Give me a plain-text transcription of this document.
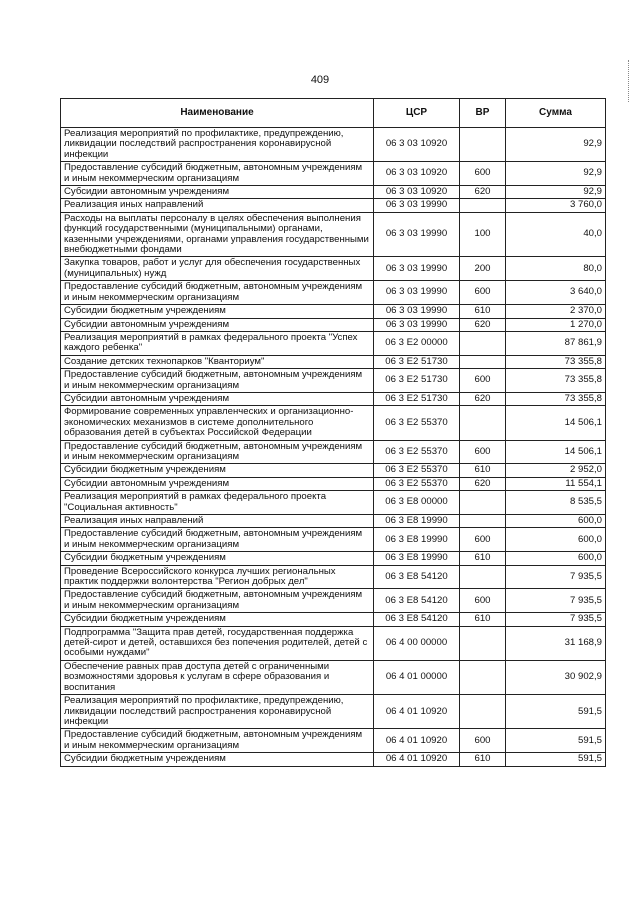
409
Наименование	ЦСР	ВР	Сумма
Реализация мероприятий по профилактике, предупреждению, ликвидации последствий распространения коронавирусной инфекции	06 3 03 10920		92,9
Предоставление субсидий бюджетным, автономным учреждениям и иным некоммерческим организациям	06 3 03 10920	600	92,9
Субсидии автономным учреждениям	06 3 03 10920	620	92,9
Реализация иных направлений	06 3 03 19990		3 760,0
Расходы на выплаты персоналу в целях обеспечения выполнения функций государственными (муниципальными) органами, казенными учреждениями, органами управления государственными внебюджетными фондами	06 3 03 19990	100	40,0
Закупка товаров, работ и услуг для обеспечения государственных (муниципальных) нужд	06 3 03 19990	200	80,0
Предоставление субсидий бюджетным, автономным учреждениям и иным некоммерческим организациям	06 3 03 19990	600	3 640,0
Субсидии бюджетным учреждениям	06 3 03 19990	610	2 370,0
Субсидии автономным учреждениям	06 3 03 19990	620	1 270,0
Реализация мероприятий в рамках федерального проекта "Успех каждого ребенка"	06 3 E2 00000		87 861,9
Создание детских технопарков "Кванториум"	06 3 E2 51730		73 355,8
Предоставление субсидий бюджетным, автономным учреждениям и иным некоммерческим организациям	06 3 E2 51730	600	73 355,8
Субсидии автономным учреждениям	06 3 E2 51730	620	73 355,8
Формирование современных управленческих и организационно-экономических механизмов в системе дополнительного образования детей в субъектах Российской Федерации	06 3 E2 55370		14 506,1
Предоставление субсидий бюджетным, автономным учреждениям и иным некоммерческим организациям	06 3 E2 55370	600	14 506,1
Субсидии бюджетным учреждениям	06 3 E2 55370	610	2 952,0
Субсидии автономным учреждениям	06 3 E2 55370	620	11 554,1
Реализация мероприятий в рамках федерального проекта "Социальная активность"	06 3 E8 00000		8 535,5
Реализация иных направлений	06 3 E8 19990		600,0
Предоставление субсидий бюджетным, автономным учреждениям и иным некоммерческим организациям	06 3 E8 19990	600	600,0
Субсидии бюджетным учреждениям	06 3 E8 19990	610	600,0
Проведение Всероссийского конкурса лучших региональных практик поддержки волонтерства "Регион добрых дел"	06 3 E8 54120		7 935,5
Предоставление субсидий бюджетным, автономным учреждениям и иным некоммерческим организациям	06 3 E8 54120	600	7 935,5
Субсидии бюджетным учреждениям	06 3 E8 54120	610	7 935,5
Подпрограмма "Защита прав детей, государственная поддержка детей-сирот и детей, оставшихся без попечения родителей, детей с особыми нуждами"	06 4 00 00000		31 168,9
Обеспечение равных прав доступа детей с ограниченными возможностями здоровья к услугам в сфере образования и воспитания	06 4 01 00000		30 902,9
Реализация мероприятий по профилактике, предупреждению, ликвидации последствий распространения коронавирусной инфекции	06 4 01 10920		591,5
Предоставление субсидий бюджетным, автономным учреждениям и иным некоммерческим организациям	06 4 01 10920	600	591,5
Субсидии бюджетным учреждениям	06 4 01 10920	610	591,5
